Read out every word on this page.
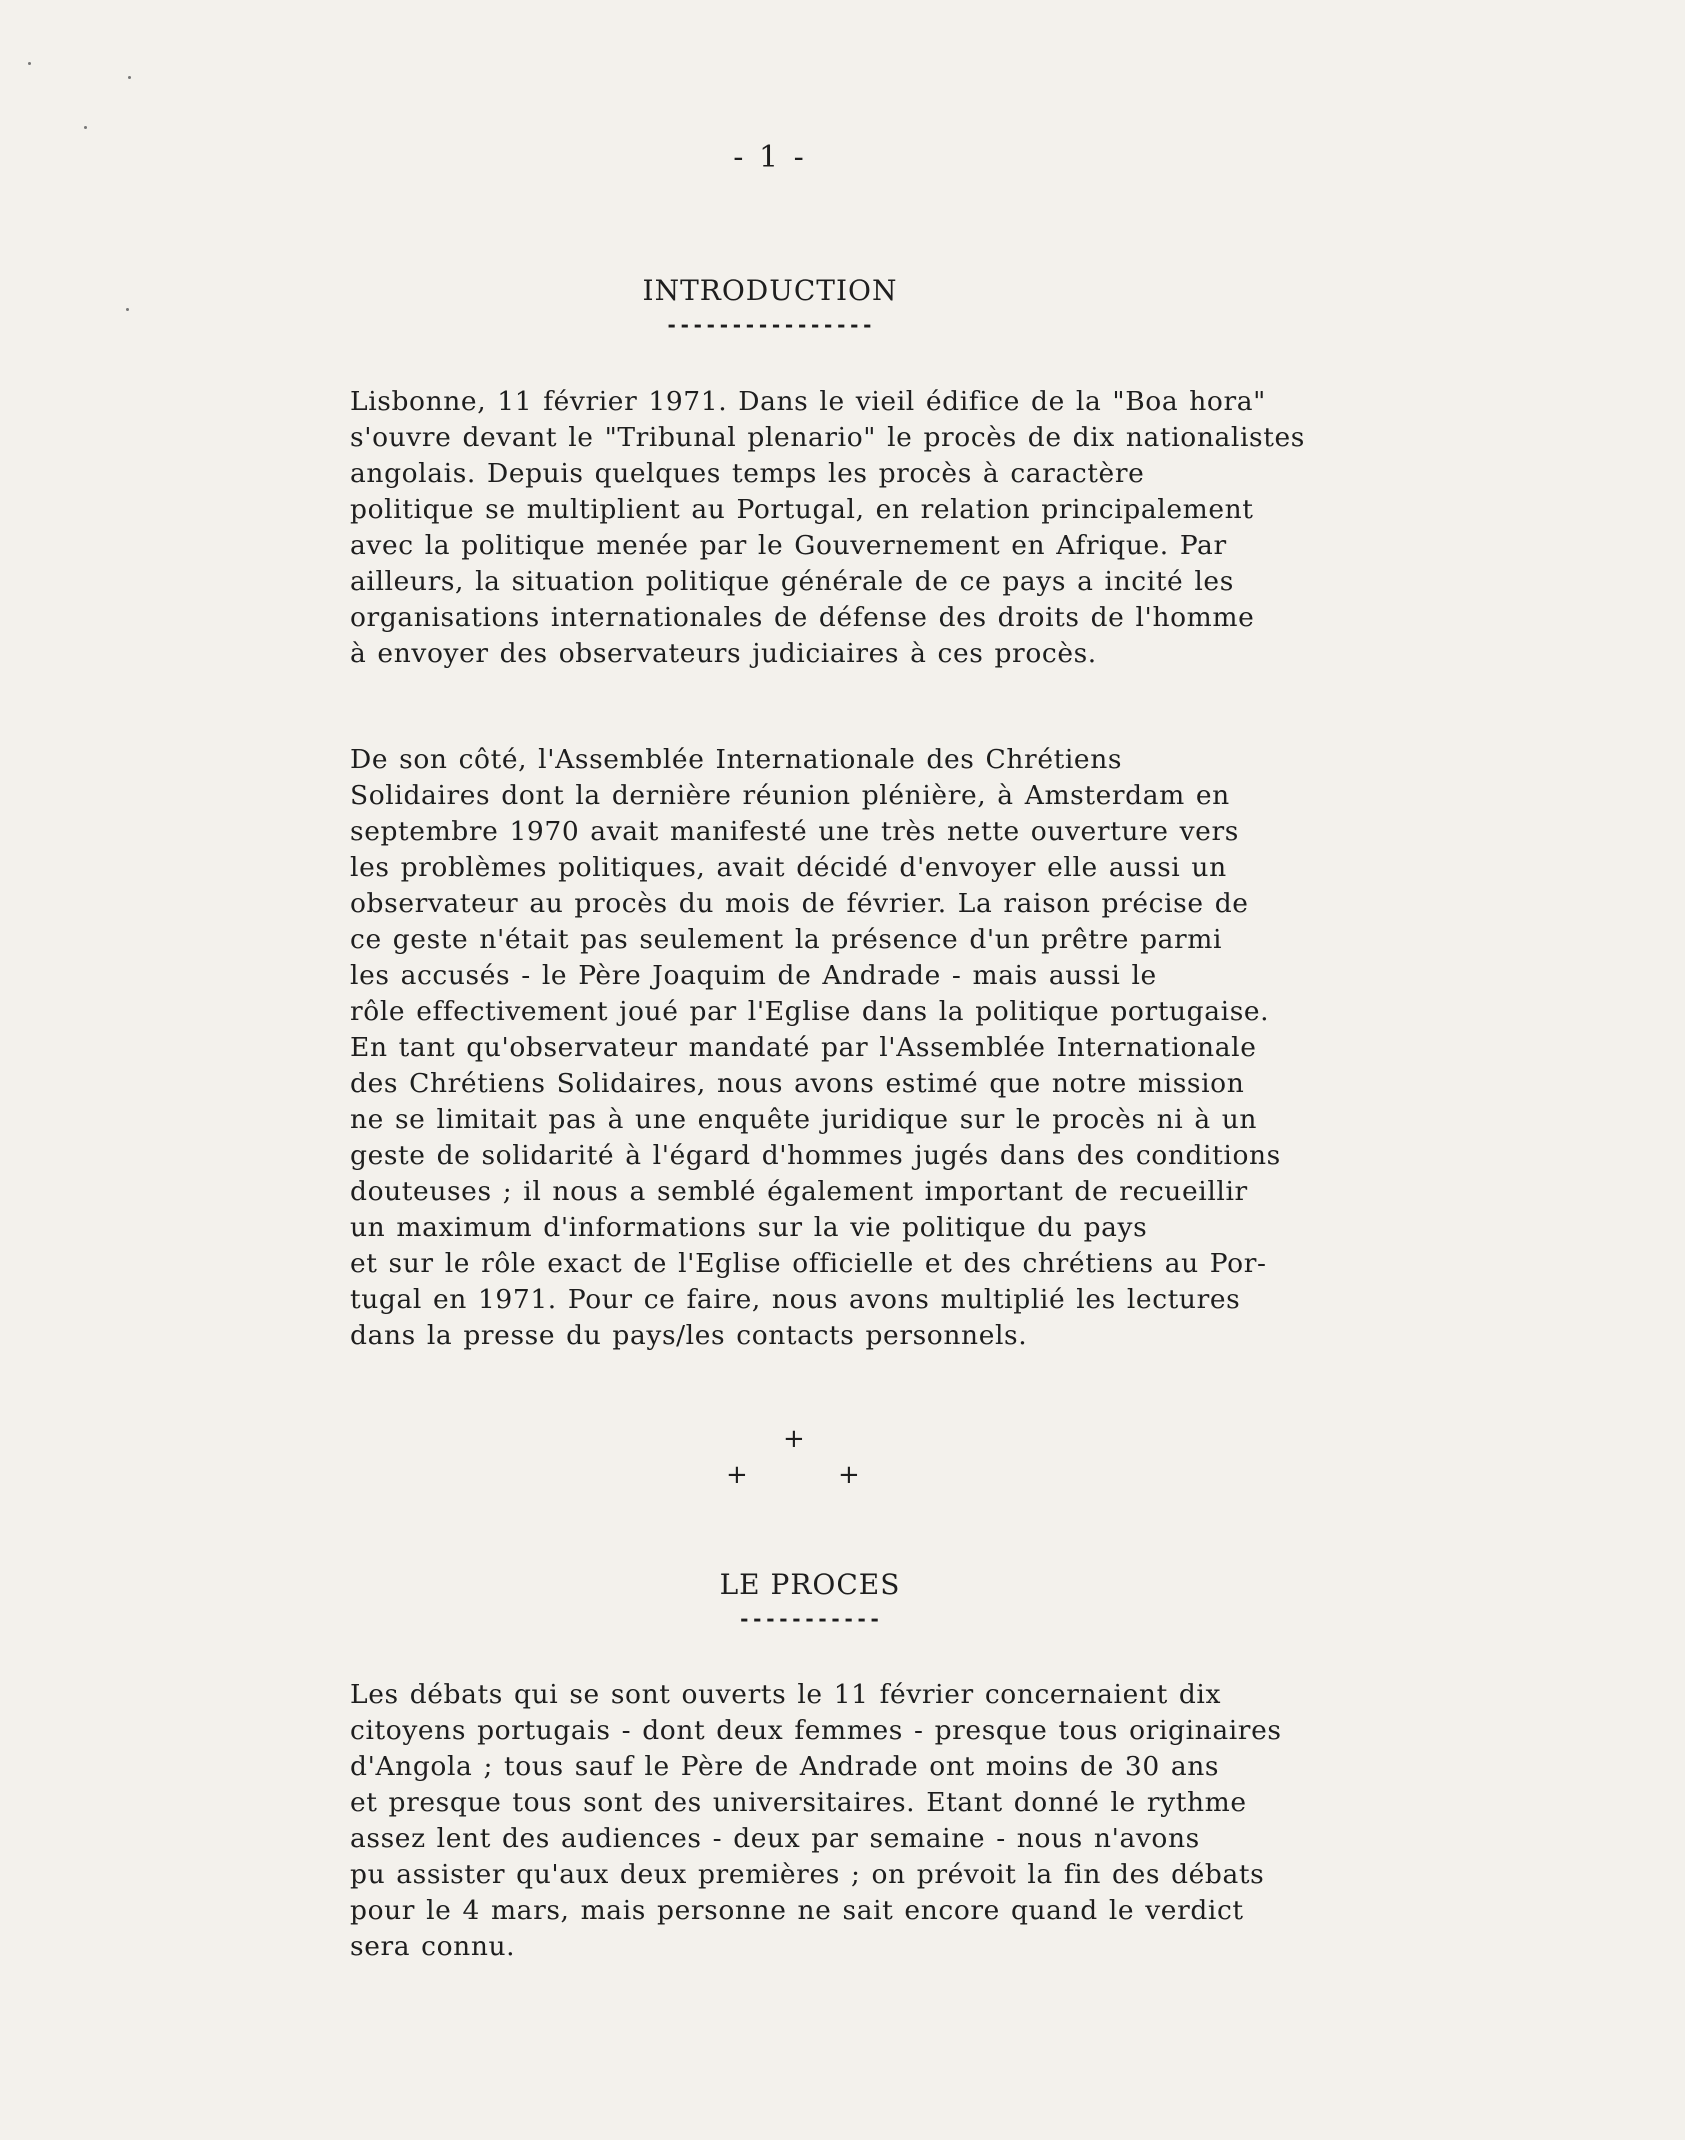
- 1 -
INTRODUCTION
----------------
Lisbonne, 11 février 1971. Dans le vieil édifice de la "Boa hora"
s'ouvre devant le "Tribunal plenario" le procès de dix nationalistes
angolais. Depuis quelques temps les procès à caractère
politique se multiplient au Portugal, en relation principalement
avec la politique menée par le Gouvernement en Afrique. Par
ailleurs, la situation politique générale de ce pays a incité les
organisations internationales de défense des droits de l'homme
à envoyer des observateurs judiciaires à ces procès.
De son côté, l'Assemblée Internationale des Chrétiens
Solidaires dont la dernière réunion plénière, à Amsterdam en
septembre 1970 avait manifesté une très nette ouverture vers
les problèmes politiques, avait décidé d'envoyer elle aussi un
observateur au procès du mois de février. La raison précise de
ce geste n'était pas seulement la présence d'un prêtre parmi
les accusés - le Père Joaquim de Andrade - mais aussi le
rôle effectivement joué par l'Eglise dans la politique portugaise.
En tant qu'observateur mandaté par l'Assemblée Internationale
des Chrétiens Solidaires, nous avons estimé que notre mission
ne se limitait pas à une enquête juridique sur le procès ni à un
geste de solidarité à l'égard d'hommes jugés dans des conditions
douteuses ; il nous a semblé également important de recueillir
un maximum d'informations sur la vie politique du pays
et sur le rôle exact de l'Eglise officielle et des chrétiens au Por-
tugal en 1971. Pour ce faire, nous avons multiplié les lectures
dans la presse du pays/les contacts personnels.
+
+	+
LE PROCES
-----------
Les débats qui se sont ouverts le 11 février concernaient dix
citoyens portugais - dont deux femmes - presque tous originaires
d'Angola ; tous sauf le Père de Andrade ont moins de 30 ans
et presque tous sont des universitaires. Etant donné le rythme
assez lent des audiences - deux par semaine - nous n'avons
pu assister qu'aux deux premières ; on prévoit la fin des débats
pour le 4 mars, mais personne ne sait encore quand le verdict
sera connu.
